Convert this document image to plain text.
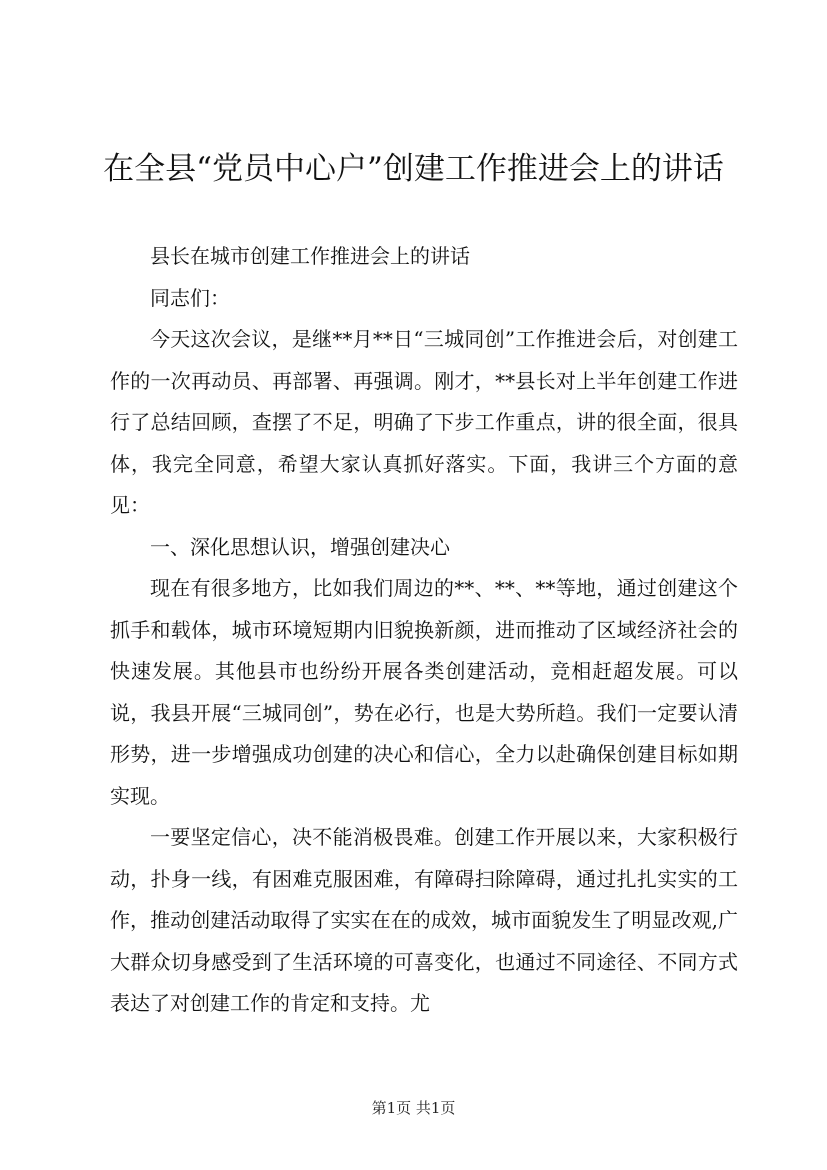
在全县“党员中心户”创建工作推进会上的讲话

县长在城市创建工作推进会上的讲话

同志们：

今天这次会议，是继**月**日“三城同创”工作推进会后，对创建工作的一次再动员、再部署、再强调。刚才，**县长对上半年创建工作进行了总结回顾，查摆了不足，明确了下步工作重点，讲的很全面，很具体，我完全同意，希望大家认真抓好落实。下面，我讲三个方面的意见：

一、深化思想认识，增强创建决心

现在有很多地方，比如我们周边的**、**、**等地，通过创建这个抓手和载体，城市环境短期内旧貌换新颜，进而推动了区域经济社会的快速发展。其他县市也纷纷开展各类创建活动，竞相赶超发展。可以说，我县开展“三城同创”，势在必行，也是大势所趋。我们一定要认清形势，进一步增强成功创建的决心和信心，全力以赴确保创建目标如期实现。

一要坚定信心，决不能消极畏难。创建工作开展以来，大家积极行动，扑身一线，有困难克服困难，有障碍扫除障碍，通过扎扎实实的工作，推动创建活动取得了实实在在的成效，城市面貌发生了明显改观,广大群众切身感受到了生活环境的可喜变化，也通过不同途径、不同方式表达了对创建工作的肯定和支持。尤

第1页 共1页
